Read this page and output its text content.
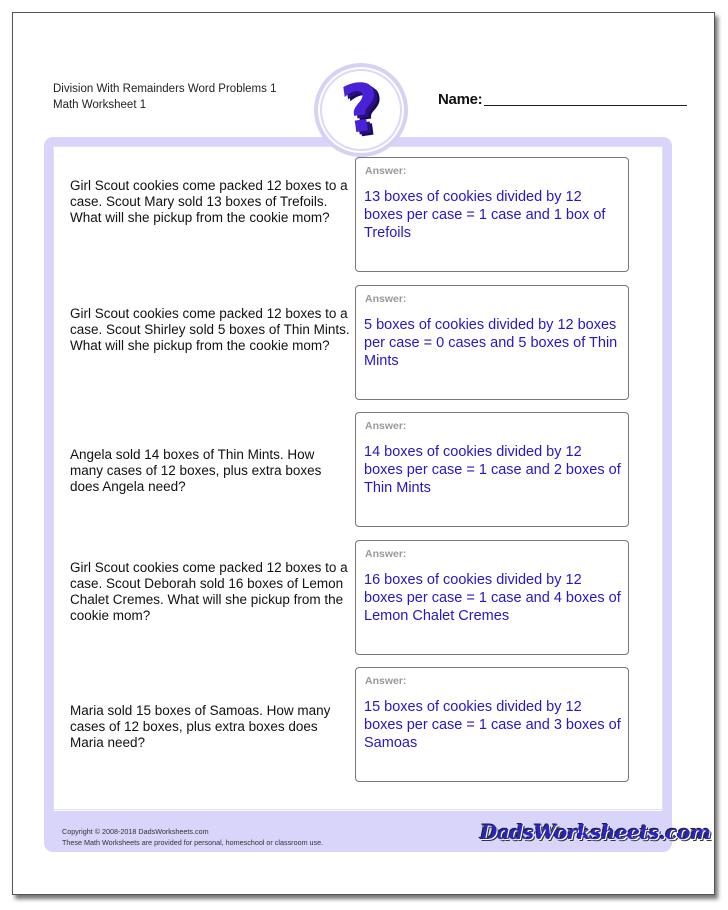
Division With Remainders Word Problems 1
Math Worksheet 1	?	Name:
Girl Scout cookies come packed 12 boxes to a case. Scout Mary sold 13 boxes of Trefoils. What will she pickup from the cookie mom?
Answer:
13 boxes of cookies divided by 12 boxes per case = 1 case and 1 box of Trefoils
Girl Scout cookies come packed 12 boxes to a case. Scout Shirley sold 5 boxes of Thin Mints. What will she pickup from the cookie mom?
Answer:
5 boxes of cookies divided by 12 boxes per case = 0 cases and 5 boxes of Thin Mints
Angela sold 14 boxes of Thin Mints. How many cases of 12 boxes, plus extra boxes does Angela need?
Answer:
14 boxes of cookies divided by 12 boxes per case = 1 case and 2 boxes of Thin Mints
Girl Scout cookies come packed 12 boxes to a case. Scout Deborah sold 16 boxes of Lemon Chalet Cremes. What will she pickup from the cookie mom?
Answer:
16 boxes of cookies divided by 12 boxes per case = 1 case and 4 boxes of Lemon Chalet Cremes
Maria sold 15 boxes of Samoas. How many cases of 12 boxes, plus extra boxes does Maria need?
Answer:
15 boxes of cookies divided by 12 boxes per case = 1 case and 3 boxes of Samoas
Copyright © 2008-2018 DadsWorksheets.com
These Math Worksheets are provided for personal, homeschool or classroom use.	DadsWorksheets.com
